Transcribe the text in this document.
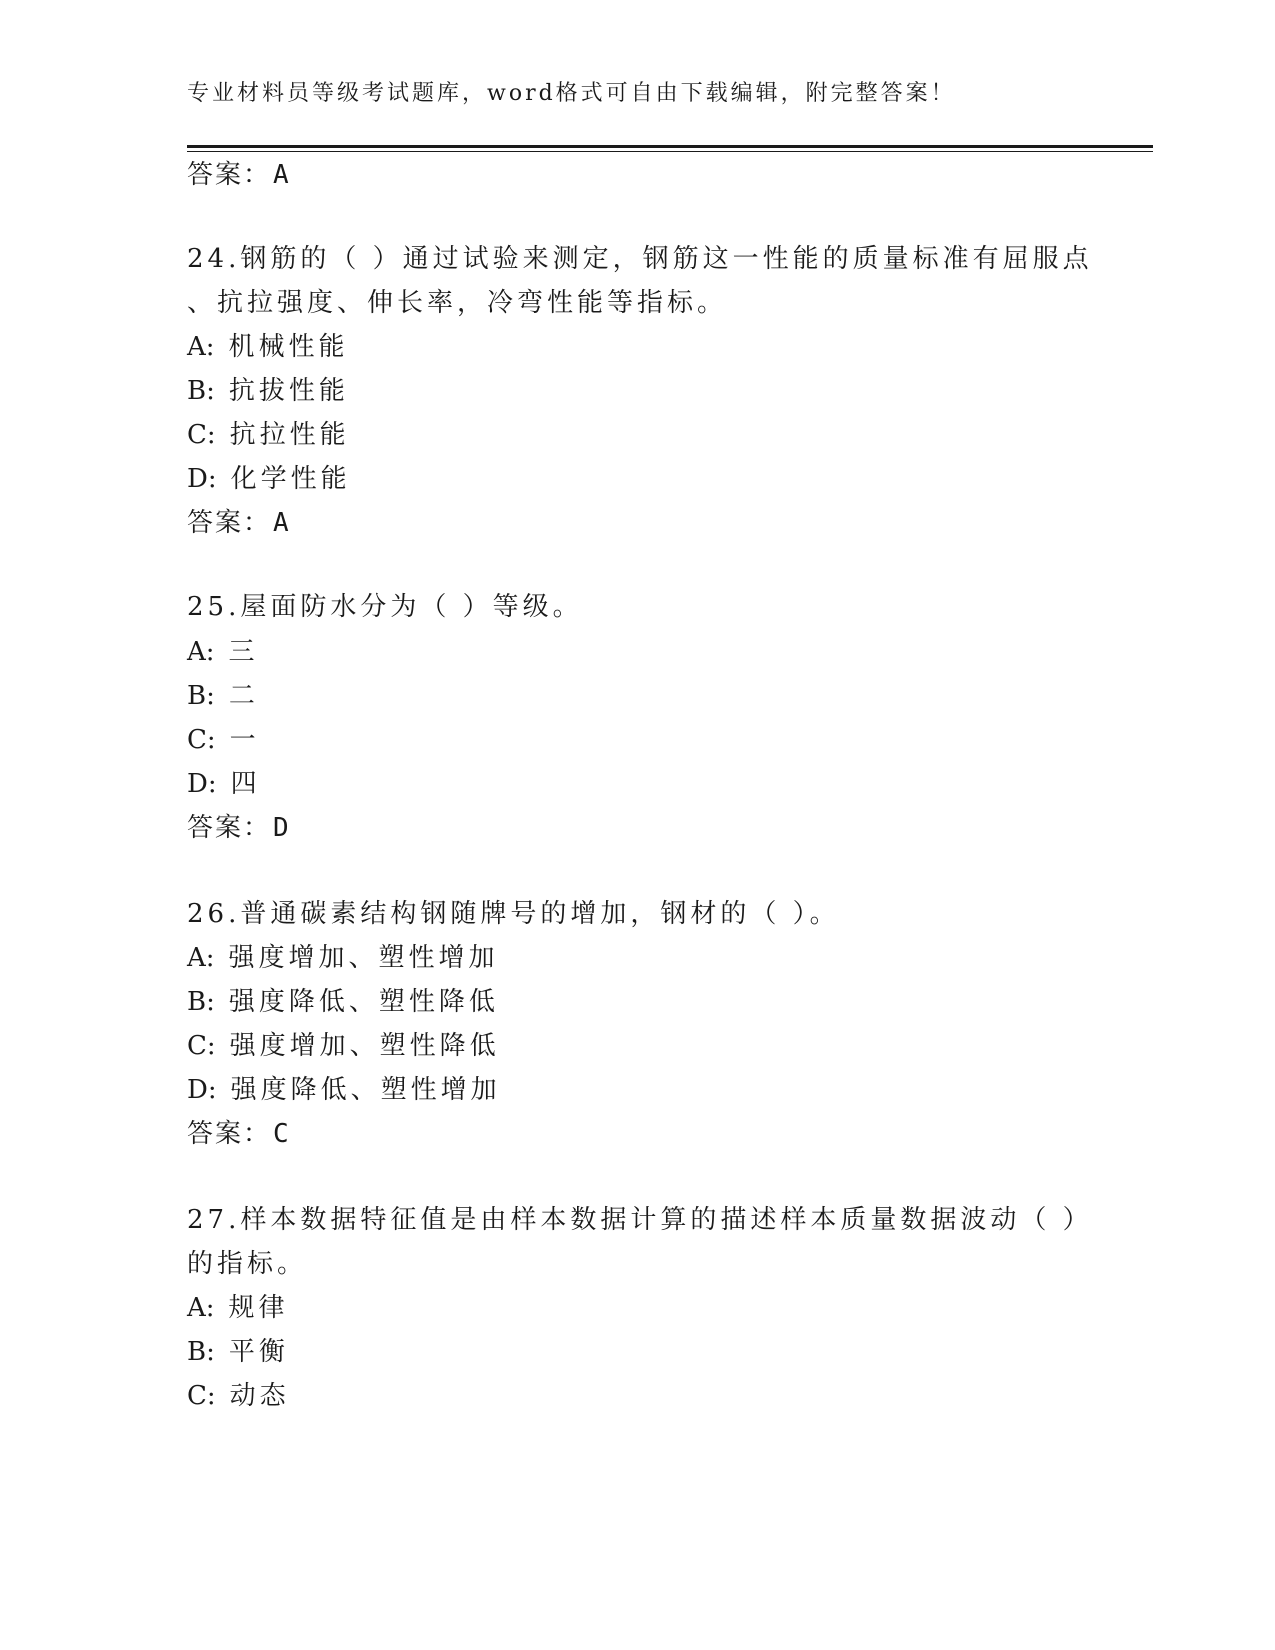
专业材料员等级考试题库，word格式可自由下载编辑，附完整答案！
答案：A
24.钢筋的（ ）通过试验来测定，钢筋这一性能的质量标准有屈服点
、抗拉强度、伸长率，冷弯性能等指标。
A: 机械性能
B: 抗拔性能
C: 抗拉性能
D: 化学性能
答案：A
25.屋面防水分为（ ）等级。
A: 三
B: 二
C: 一
D: 四
答案：D
26.普通碳素结构钢随牌号的增加，钢材的（ ）。
A: 强度增加、塑性增加
B: 强度降低、塑性降低
C: 强度增加、塑性降低
D: 强度降低、塑性增加
答案：C
27.样本数据特征值是由样本数据计算的描述样本质量数据波动（ ）
的指标。
A: 规律
B: 平衡
C: 动态
